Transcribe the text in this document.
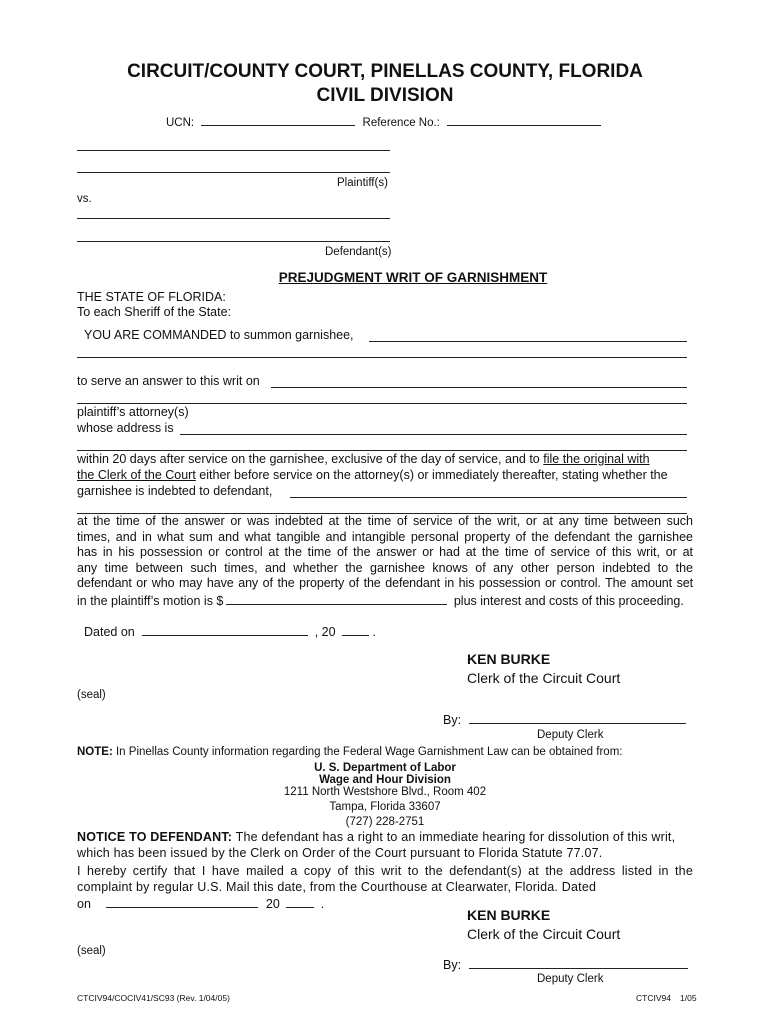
CIRCUIT/COUNTY COURT, PINELLAS COUNTY, FLORIDA
CIVIL DIVISION
UCN:	Reference No.:
Plaintiff(s)
vs.
Defendant(s)
PREJUDGMENT WRIT OF GARNISHMENT
THE STATE OF FLORIDA:
To each Sheriff of the State:
YOU ARE COMMANDED to summon garnishee,
to serve an answer to this writ on
plaintiff’s attorney(s)
whose address is
within 20 days after service on the garnishee, exclusive of the day of service, and to file the original with
the Clerk of the Court either before service on the attorney(s) or immediately thereafter, stating whether the
garnishee is indebted to defendant,
at the time of the answer or was indebted at the time of service of the writ, or at any time between such
times, and in what sum and what tangible and intangible personal property of the defendant the garnishee
has in his possession or control at the time of the answer or had at the time of service of this writ, or at
any time between such times, and whether the garnishee knows of any other person indebted to the
defendant or who may have any of the property of the defendant in his possession or control. The amount set
in the plaintiff’s motion is $	plus interest and costs of this proceeding.
Dated on	, 20	.
KEN BURKE
Clerk of the Circuit Court
(seal)
By:
Deputy Clerk
NOTE: In Pinellas County information regarding the Federal Wage Garnishment Law can be obtained from:
U. S. Department of Labor
Wage and Hour Division
1211 North Westshore Blvd., Room 402
Tampa, Florida 33607
(727) 228-2751
NOTICE TO DEFENDANT: The defendant has a right to an immediate hearing for dissolution of this writ,
which has been issued by the Clerk on Order of the Court pursuant to Florida Statute 77.07.
I hereby certify that I have mailed a copy of this writ to the defendant(s) at the address listed in the
complaint by regular U.S. Mail this date, from the Courthouse at Clearwater, Florida. Dated
on	20	.
KEN BURKE
Clerk of the Circuit Court
(seal)
By:
Deputy Clerk
CTCIV94/COCIV41/SC93 (Rev. 1/04/05)	CTCIV94 1/05
